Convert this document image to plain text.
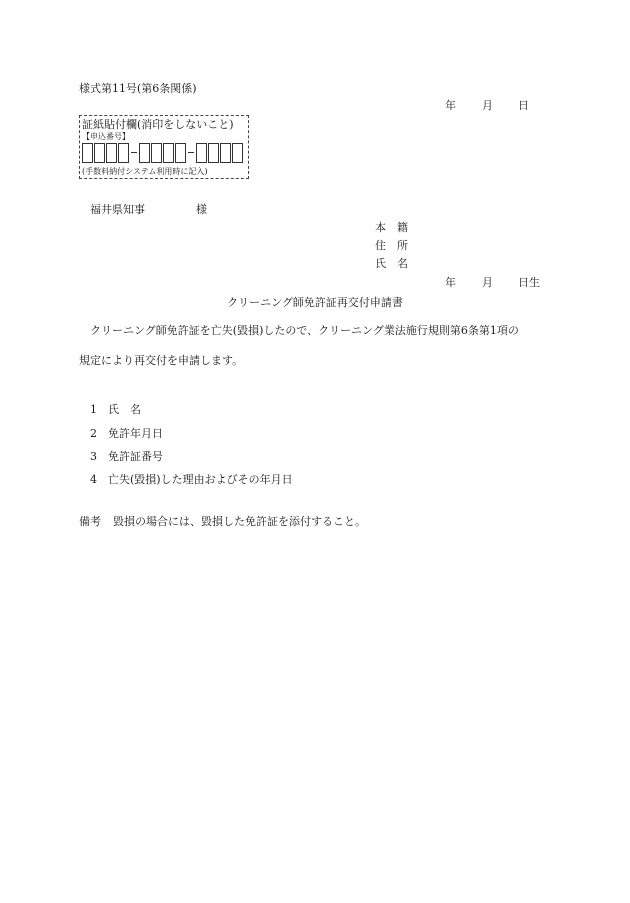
様式第11号(第6条関係)
年 月 日
証紙貼付欄(消印をしないこと)
【申込番号】
(手数料納付システム利用時に記入)
福井県知事	様
本　籍
住　所
氏　名
年 月 日生
クリーニング師免許証再交付申請書
クリーニング師免許証を亡失(毀損)したので、クリーニング業法施行規則第6条第1項の
規定により再交付を申請します。
1 氏　名
2 免許年月日
3 免許証番号
4 亡失(毀損)した理由およびその年月日
備考 毀損の場合には、毀損した免許証を添付すること。
